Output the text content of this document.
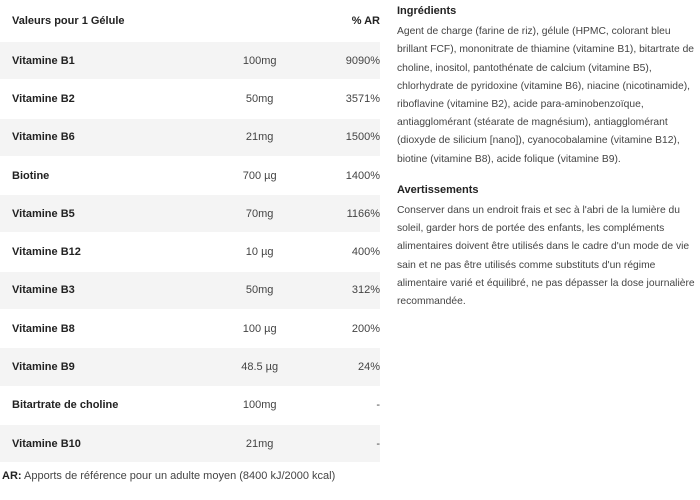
Valeurs pour 1 Gélule	% AR
Vitamine B1	100mg	9090%
Vitamine B2	50mg	3571%
Vitamine B6	21mg	1500%
Biotine	700 µg	1400%
Vitamine B5	70mg	1166%
Vitamine B12	10 µg	400%
Vitamine B3	50mg	312%
Vitamine B8	100 µg	200%
Vitamine B9	48.5 µg	24%
Bitartrate de choline	100mg	-
Vitamine B10	21mg	-
AR: Apports de référence pour un adulte moyen (8400 kJ/2000 kcal)
Ingrédients
Agent de charge (farine de riz), gélule (HPMC, colorant bleu brillant FCF), mononitrate de thiamine (vitamine B1), bitartrate de choline, inositol, pantothénate de calcium (vitamine B5), chlorhydrate de pyridoxine (vitamine B6), niacine (nicotinamide), riboflavine (vitamine B2), acide para-aminobenzoïque, antiagglomérant (stéarate de magnésium), antiagglomérant (dioxyde de silicium [nano]), cyanocobalamine (vitamine B12), biotine (vitamine B8), acide folique (vitamine B9).
Avertissements
Conserver dans un endroit frais et sec à l'abri de la lumière du soleil, garder hors de portée des enfants, les compléments alimentaires doivent être utilisés dans le cadre d'un mode de vie sain et ne pas être utilisés comme substituts d'un régime alimentaire varié et équilibré, ne pas dépasser la dose journalière recommandée.
